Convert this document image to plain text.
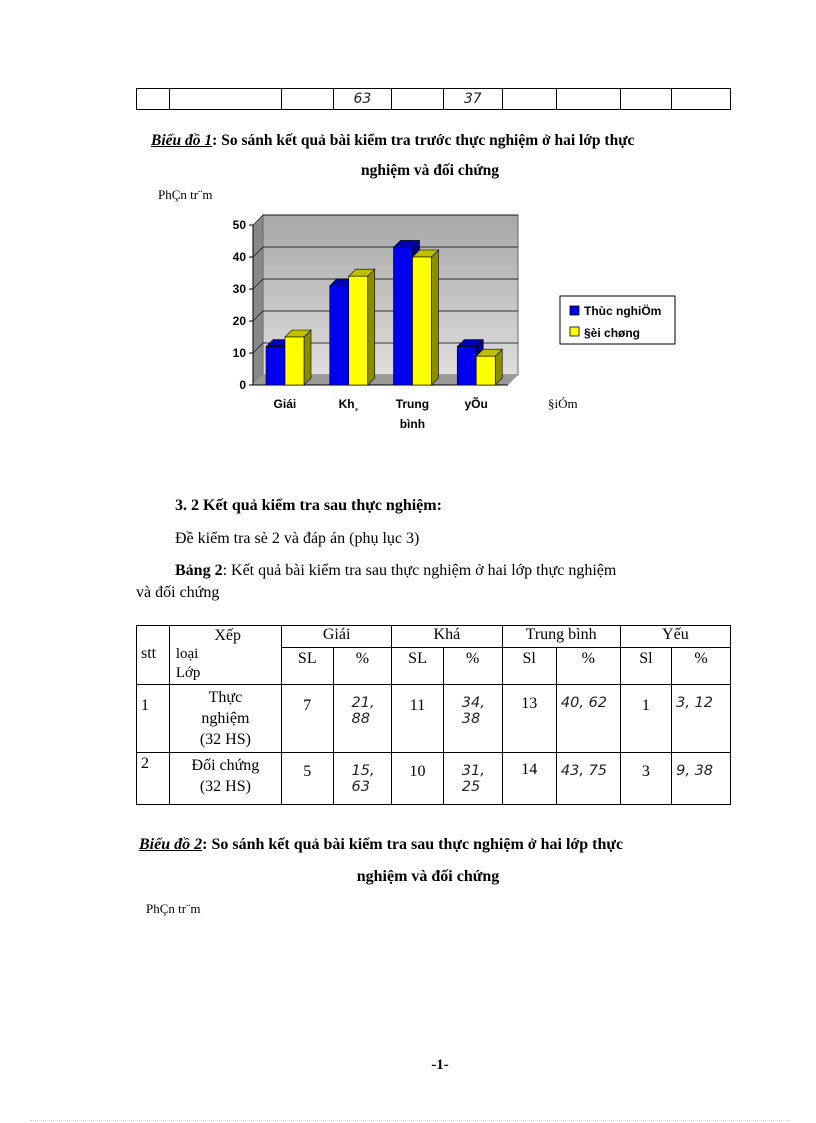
			63		37				
Biểu đồ 1: So sánh kết quả bài kiểm tra trước thực nghiệm ở hai lớp thực
nghiệm và đối chứng
PhÇn tr¨m
0
10
20
30
40
50
Giái	Kh¸	Trung
bình
yÕu
Thùc nghiÖm
§èi chøng
§iÓm
3. 2 Kết quả kiểm tra sau thực nghiệm:
Đề kiểm tra sè 2 và đáp án (phụ lục 3)
Bảng 2: Kết quả bài kiểm tra sau thực nghiệm ở hai lớp thực nghiệm
và đối chứng
stt	Xếp
loại
Lớp	Giái		Khá		Trung bình		Yếu	
		SL	%	SL	%	Sl	%	Sl	%
1	Thực
nghiệm
(32 HS)	7	21, 88	11	34, 38	13	40, 62	1	3, 12
2	Đối chứng
(32 HS)	5	15, 63	10	31, 25	14	43, 75	3	9, 38
Biểu đồ 2: So sánh kết quả bài kiểm tra sau thực nghiệm ở hai lớp thực
nghiệm và đối chứng
PhÇn tr¨m
-1-
